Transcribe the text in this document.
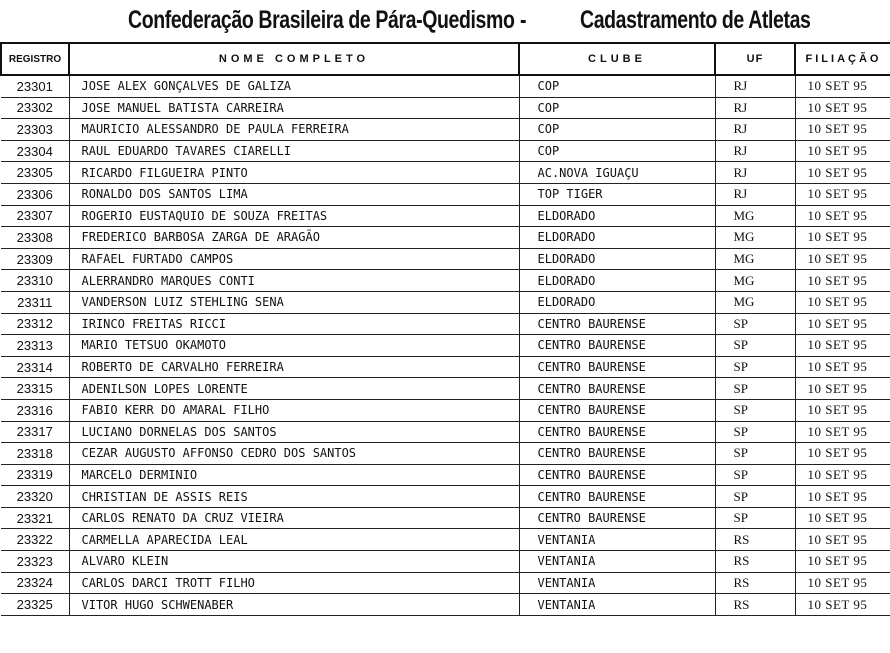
Confederação Brasileira de Pára-Quedismo - Cadastramento de Atletas
REGISTRO	NOME COMPLETO	CLUBE	UF	FILIAÇÃO
23301	JOSE ALEX GONÇALVES DE GALIZA	COP	RJ	10 SET 95
23302	JOSE MANUEL BATISTA CARREIRA	COP	RJ	10 SET 95
23303	MAURICIO ALESSANDRO DE PAULA FERREIRA	COP	RJ	10 SET 95
23304	RAUL EDUARDO TAVARES CIARELLI	COP	RJ	10 SET 95
23305	RICARDO FILGUEIRA PINTO	AC.NOVA IGUAÇU	RJ	10 SET 95
23306	RONALDO DOS SANTOS LIMA	TOP TIGER	RJ	10 SET 95
23307	ROGERIO EUSTAQUIO DE SOUZA FREITAS	ELDORADO	MG	10 SET 95
23308	FREDERICO BARBOSA ZARGA DE ARAGÃO	ELDORADO	MG	10 SET 95
23309	RAFAEL FURTADO CAMPOS	ELDORADO	MG	10 SET 95
23310	ALERRANDRO MARQUES CONTI	ELDORADO	MG	10 SET 95
23311	VANDERSON LUIZ STEHLING SENA	ELDORADO	MG	10 SET 95
23312	IRINCO FREITAS RICCI	CENTRO BAURENSE	SP	10 SET 95
23313	MARIO TETSUO OKAMOTO	CENTRO BAURENSE	SP	10 SET 95
23314	ROBERTO DE CARVALHO FERREIRA	CENTRO BAURENSE	SP	10 SET 95
23315	ADENILSON LOPES LORENTE	CENTRO BAURENSE	SP	10 SET 95
23316	FABIO KERR DO AMARAL FILHO	CENTRO BAURENSE	SP	10 SET 95
23317	LUCIANO DORNELAS DOS SANTOS	CENTRO BAURENSE	SP	10 SET 95
23318	CEZAR AUGUSTO AFFONSO CEDRO DOS SANTOS	CENTRO BAURENSE	SP	10 SET 95
23319	MARCELO DERMINIO	CENTRO BAURENSE	SP	10 SET 95
23320	CHRISTIAN DE ASSIS REIS	CENTRO BAURENSE	SP	10 SET 95
23321	CARLOS RENATO DA CRUZ VIEIRA	CENTRO BAURENSE	SP	10 SET 95
23322	CARMELLA APARECIDA LEAL	VENTANIA	RS	10 SET 95
23323	ALVARO KLEIN	VENTANIA	RS	10 SET 95
23324	CARLOS DARCI TROTT FILHO	VENTANIA	RS	10 SET 95
23325	VITOR HUGO SCHWENABER	VENTANIA	RS	10 SET 95
